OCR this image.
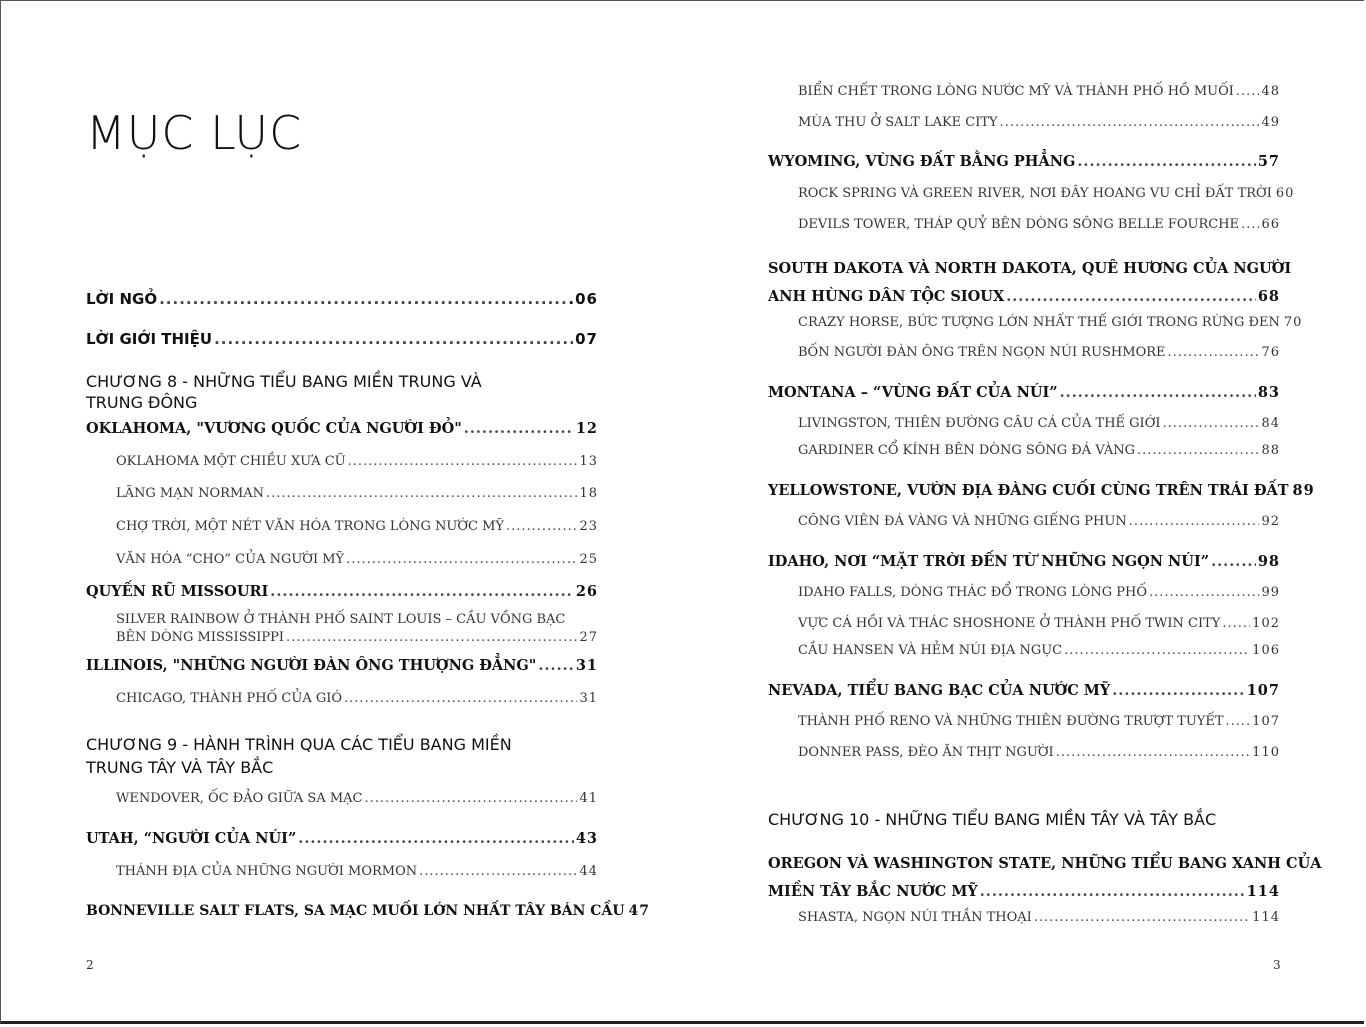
MỤC LỤC
LỜI NGỎ .....	.06
LỜI GIỚI THIỆU .....	07
CHƯƠNG 8 - NHỮNG TIỂU BANG MIỀN TRUNG VÀ TRUNG ĐÔNG
OKLAHOMA, "VƯƠNG QUỐC CỦA NGƯỜI ĐỎ" .....	12
OKLAHOMA MỘT CHIỀU XƯA CŨ .....	13
LÃNG MẠN NORMAN .....	18
CHỢ TRỜI, MỘT NÉT VĂN HÓA TRONG LÒNG NƯỚC MỸ .....	23
VĂN HÓA “CHO” CỦA NGƯỜI MỸ .....	25
QUYẾN RŨ MISSOURI .....	26
SILVER RAINBOW Ở THÀNH PHỐ SAINT LOUIS – CẦU VỒNG BẠC
BÊN DÒNG MISSISSIPPI .....	27
ILLINOIS, "NHỮNG NGƯỜI ĐÀN ÔNG THƯỢNG ĐẲNG" .....	31
CHICAGO, THÀNH PHỐ CỦA GIÓ .....	31
CHƯƠNG 9 - HÀNH TRÌNH QUA CÁC TIỂU BANG MIỀN TRUNG TÂY VÀ TÂY BẮC
WENDOVER, ỐC ĐẢO GIỮA SA MẠC .....	41
UTAH, “NGƯỜI CỦA NÚI” .....	43
THÁNH ĐỊA CỦA NHỮNG NGƯỜI MORMON .....	44
BONNEVILLE SALT FLATS, SA MẠC MUỐI LỚN NHẤT TÂY BÁN CẦU 47
BIỂN CHẾT TRONG LÒNG NƯỚC MỸ VÀ THÀNH PHỐ HỒ MUỐI ..... 48
MÙA THU Ở SALT LAKE CITY .....	49
WYOMING, VÙNG ĐẤT BẰNG PHẲNG .....	57
ROCK SPRING VÀ GREEN RIVER, NƠI ĐÂY HOANG VU CHỈ ĐẤT TRỜI 60
DEVILS TOWER, THÁP QUỶ BÊN DÒNG SÔNG BELLE FOURCHE ..... 66
SOUTH DAKOTA VÀ NORTH DAKOTA, QUÊ HƯƠNG CỦA NGƯỜI
ANH HÙNG DÂN TỘC SIOUX .....	68
CRAZY HORSE, BỨC TƯỢNG LỚN NHẤT THẾ GIỚI TRONG RỪNG ĐEN 70
BỐN NGƯỜI ĐÀN ÔNG TRÊN NGỌN NÚI RUSHMORE .....	76
MONTANA – “VÙNG ĐẤT CỦA NÚI” .....	83
LIVINGSTON, THIÊN ĐƯỜNG CÂU CÁ CỦA THẾ GIỚI .....	84
GARDINER CỔ KÍNH BÊN DÒNG SÔNG ĐÁ VÀNG .....	88
YELLOWSTONE, VƯỜN ĐỊA ĐÀNG CUỐI CÙNG TRÊN TRÁI ĐẤT 89
CÔNG VIÊN ĐÁ VÀNG VÀ NHỮNG GIẾNG PHUN .....	92
IDAHO, NƠI “MẶT TRỜI ĐẾN TỪ NHỮNG NGỌN NÚI” .....	98
IDAHO FALLS, DÒNG THÁC ĐỔ TRONG LÒNG PHỐ .....	99
VỰC CÁ HỒI VÀ THÁC SHOSHONE Ở THÀNH PHỐ TWIN CITY ..... 102
CẦU HANSEN VÀ HẺM NÚI ĐỊA NGỤC .....	106
NEVADA, TIỂU BANG BẠC CỦA NƯỚC MỸ .....	107
THÀNH PHỐ RENO VÀ NHỮNG THIÊN ĐƯỜNG TRƯỢT TUYẾT ..... 107
DONNER PASS, ĐÈO ĂN THỊT NGƯỜI .....	110
CHƯƠNG 10 - NHỮNG TIỂU BANG MIỀN TÂY VÀ TÂY BẮC
OREGON VÀ WASHINGTON STATE, NHỮNG TIỂU BANG XANH CỦA
MIỀN TÂY BẮC NƯỚC MỸ .....	114
SHASTA, NGỌN NÚI THẦN THOẠI .....	114
2	3
